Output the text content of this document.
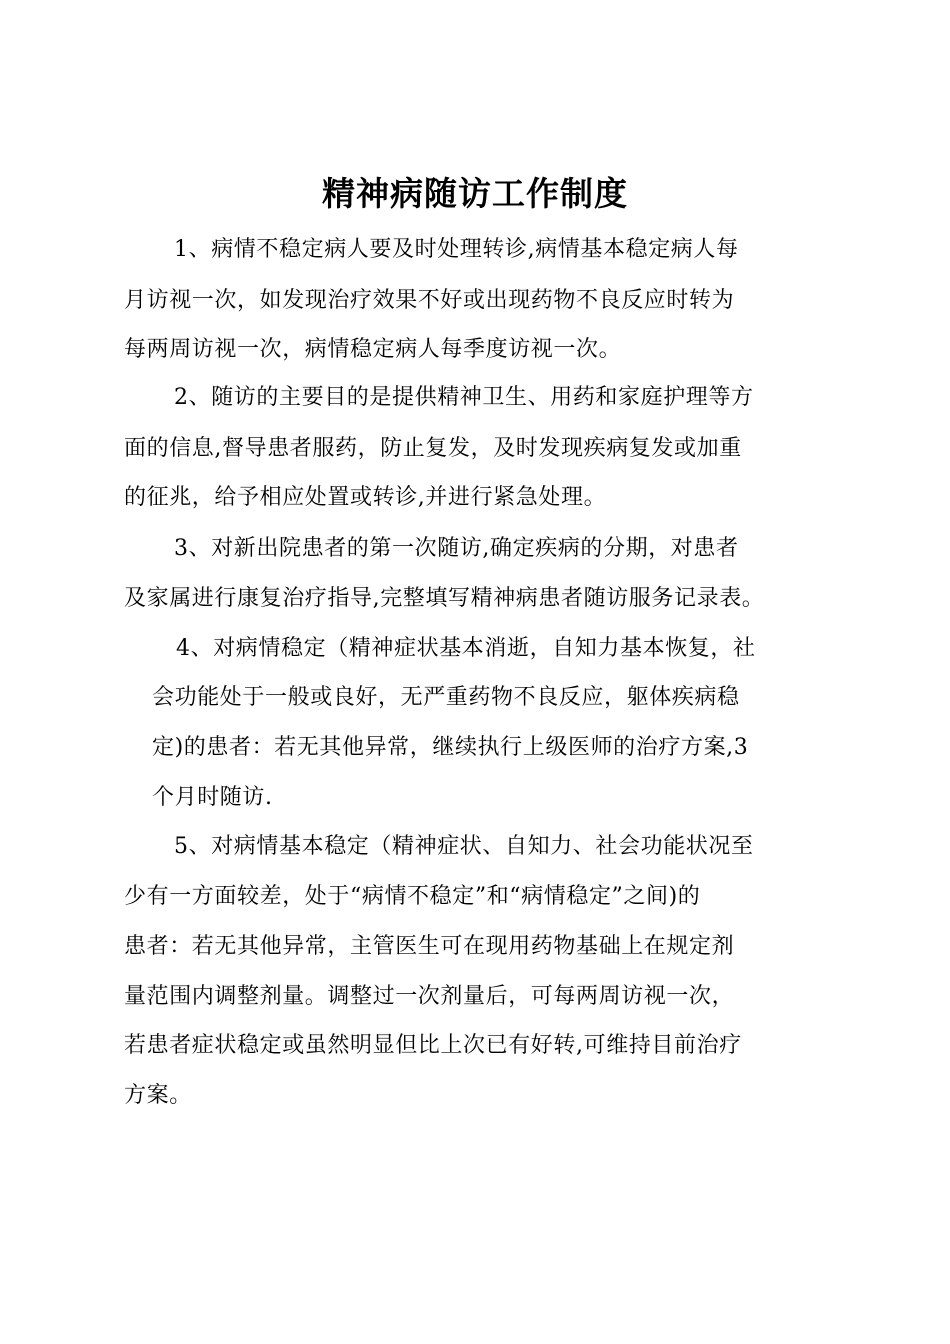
精神病随访工作制度
1、病情不稳定病人要及时处理转诊,病情基本稳定病人每
月访视一次，如发现治疗效果不好或出现药物不良反应时转为
每两周访视一次，病情稳定病人每季度访视一次。
2、随访的主要目的是提供精神卫生、用药和家庭护理等方
面的信息,督导患者服药，防止复发，及时发现疾病复发或加重
的征兆，给予相应处置或转诊,并进行紧急处理。
3、对新出院患者的第一次随访,确定疾病的分期，对患者
及家属进行康复治疗指导,完整填写精神病患者随访服务记录表。
4、对病情稳定（精神症状基本消逝，自知力基本恢复，社
会功能处于一般或良好，无严重药物不良反应，躯体疾病稳
定)的患者：若无其他异常，继续执行上级医师的治疗方案,3
个月时随访.
5、对病情基本稳定（精神症状、自知力、社会功能状况至
少有一方面较差，处于“病情不稳定”和“病情稳定”之间)的
患者：若无其他异常，主管医生可在现用药物基础上在规定剂
量范围内调整剂量。调整过一次剂量后，可每两周访视一次，
若患者症状稳定或虽然明显但比上次已有好转,可维持目前治疗
方案。
